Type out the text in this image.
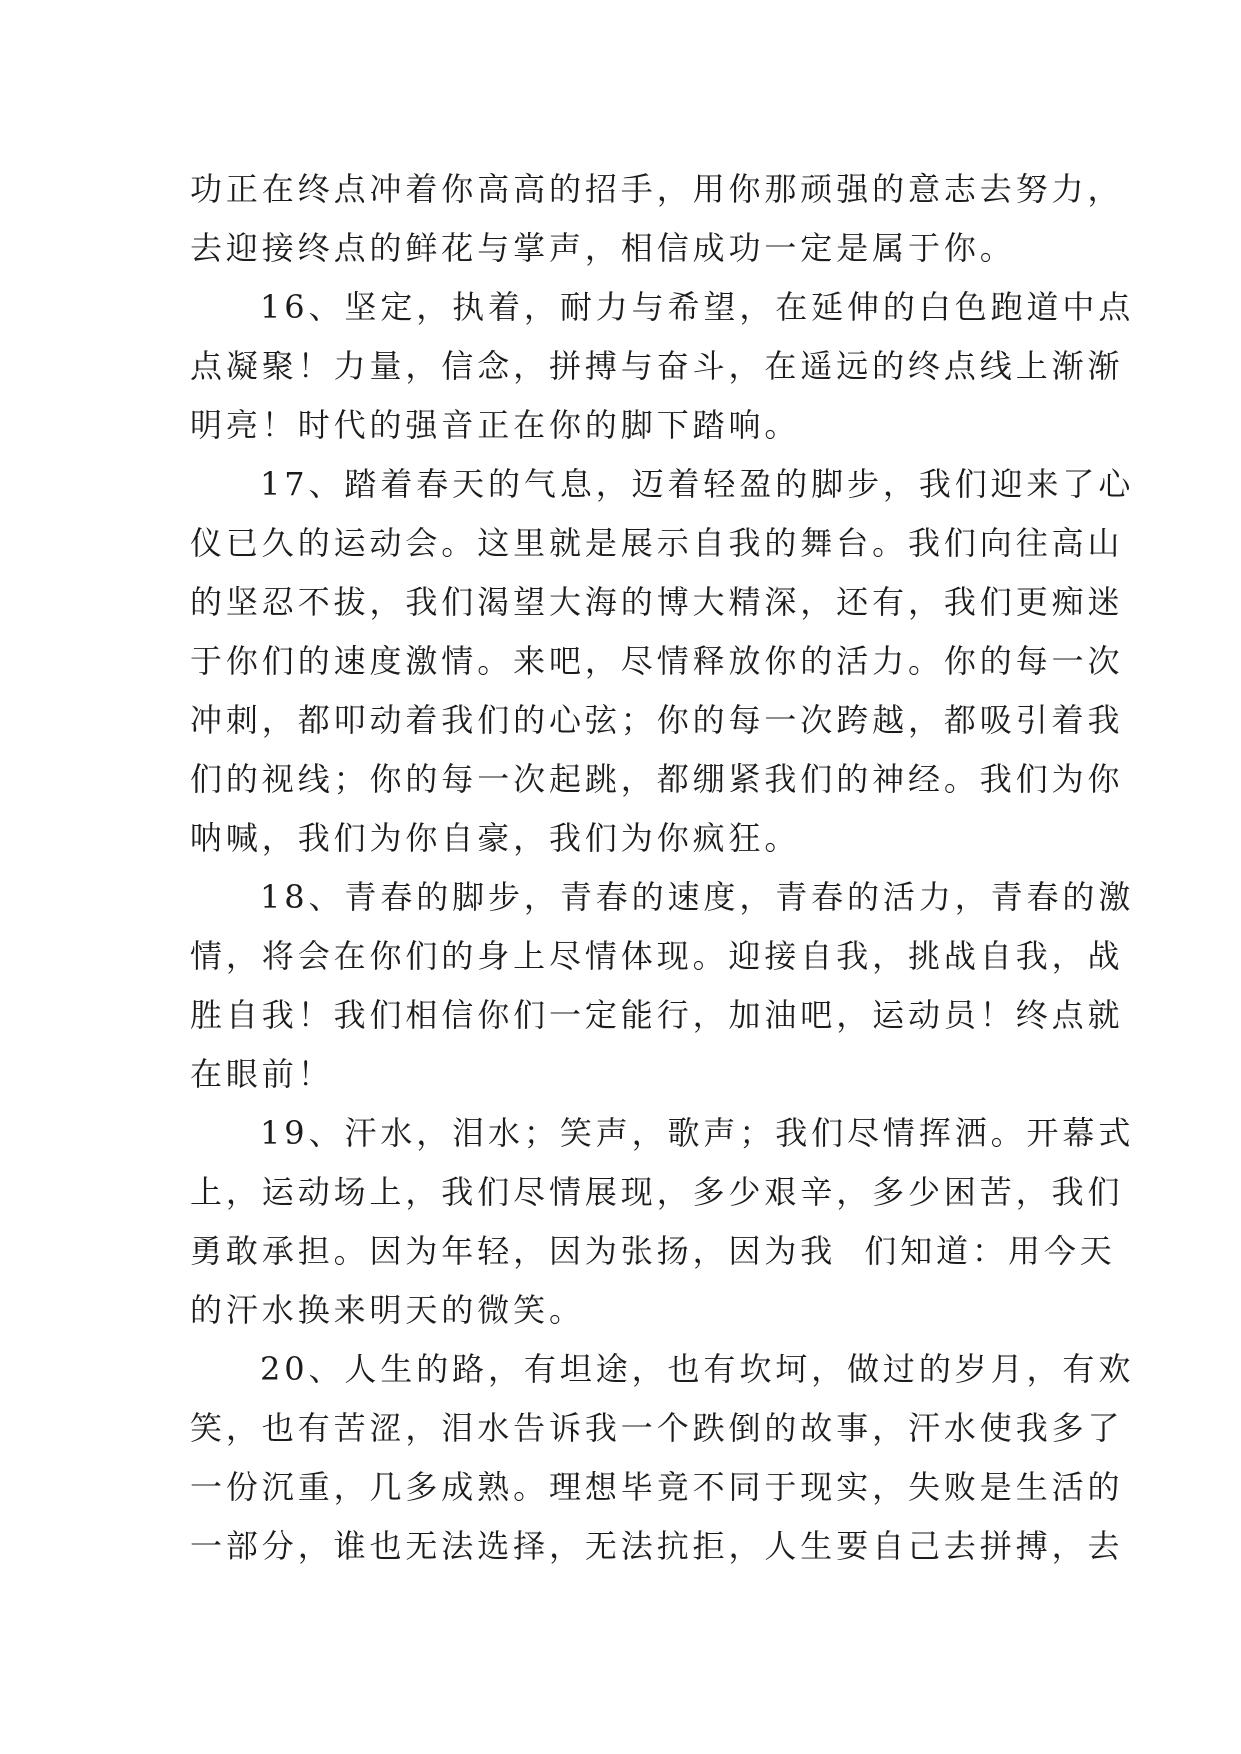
功正在终点冲着你高高的招手，用你那顽强的意志去努力，
去迎接终点的鲜花与掌声，相信成功一定是属于你。
16、坚定，执着，耐力与希望，在延伸的白色跑道中点
点凝聚！力量，信念，拼搏与奋斗，在遥远的终点线上渐渐
明亮！时代的强音正在你的脚下踏响。
17、踏着春天的气息，迈着轻盈的脚步，我们迎来了心
仪已久的运动会。这里就是展示自我的舞台。我们向往高山
的坚忍不拔，我们渴望大海的博大精深，还有，我们更痴迷
于你们的速度激情。来吧，尽情释放你的活力。你的每一次
冲刺，都叩动着我们的心弦；你的每一次跨越，都吸引着我
们的视线；你的每一次起跳，都绷紧我们的神经。我们为你
呐喊，我们为你自豪，我们为你疯狂。
18、青春的脚步，青春的速度，青春的活力，青春的激
情，将会在你们的身上尽情体现。迎接自我，挑战自我，战
胜自我！我们相信你们一定能行，加油吧，运动员！终点就
在眼前！
19、汗水，泪水；笑声，歌声；我们尽情挥洒。开幕式
上，运动场上，我们尽情展现，多少艰辛，多少困苦，我们
勇敢承担。因为年轻，因为张扬，因为我  们知道：用今天
的汗水换来明天的微笑。
20、人生的路，有坦途，也有坎坷，做过的岁月，有欢
笑，也有苦涩，泪水告诉我一个跌倒的故事，汗水使我多了
一份沉重，几多成熟。理想毕竟不同于现实，失败是生活的
一部分，谁也无法选择，无法抗拒，人生要自己去拼搏，去
